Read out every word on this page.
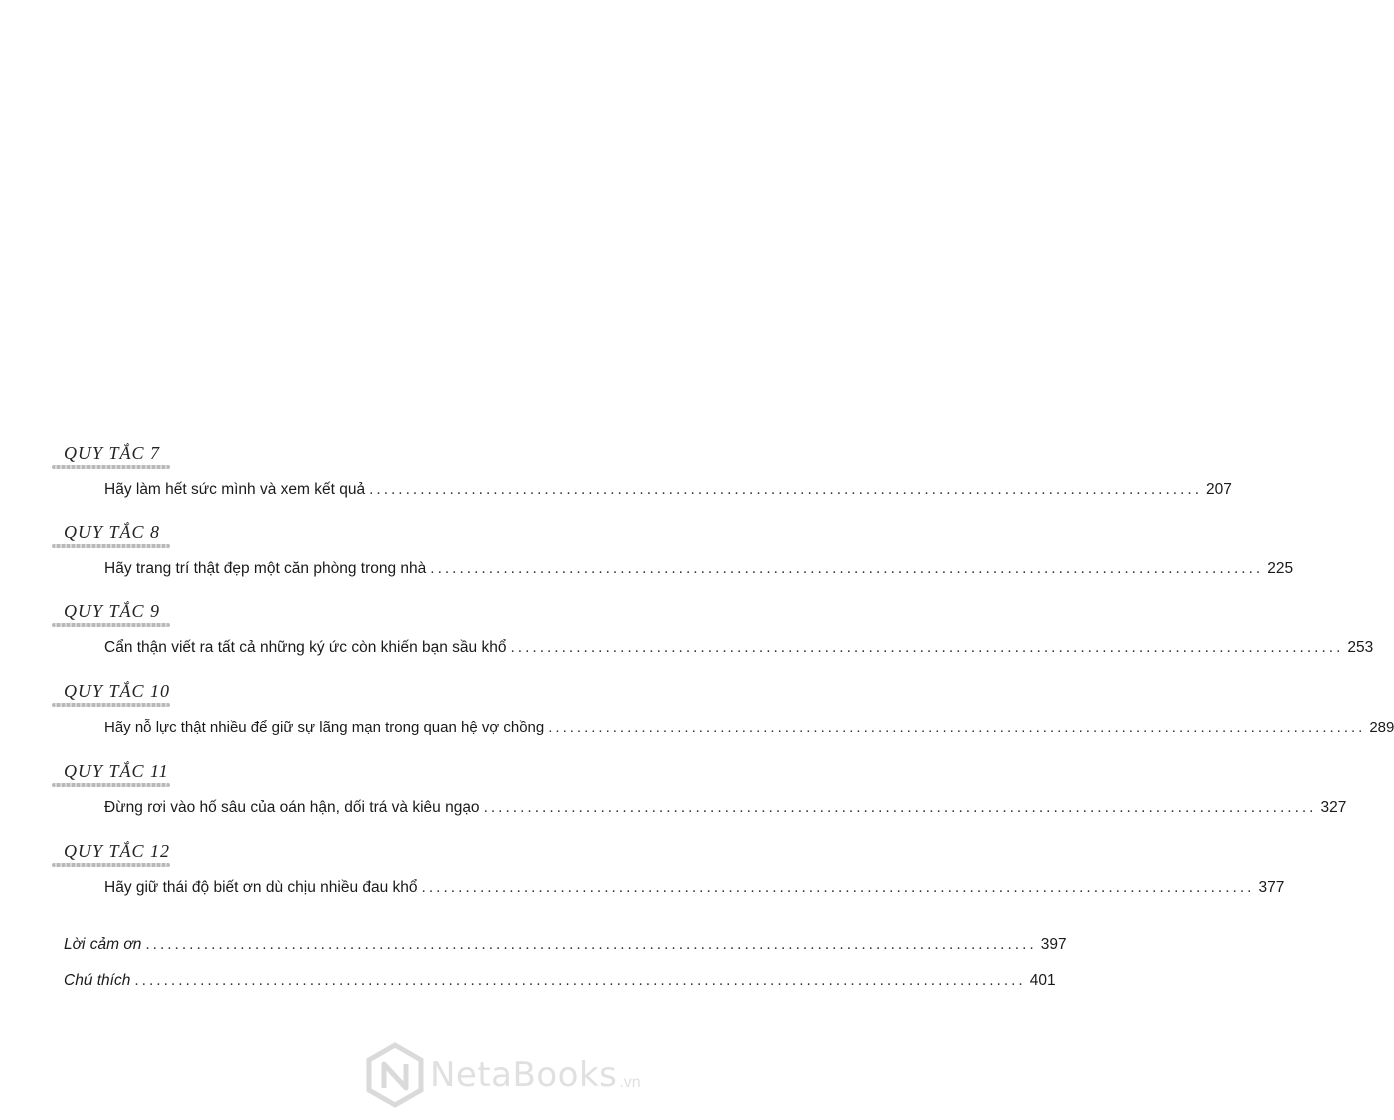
QUY TẮC 7
Hãy làm hết sức mình và xem kết quả .................................................................................................................. 207
QUY TẮC 8
Hãy trang trí thật đẹp một căn phòng trong nhà .................................................................................................................. 225
QUY TẮC 9
Cẩn thận viết ra tất cả những ký ức còn khiến bạn sầu khổ .................................................................................................................. 253
QUY TẮC 10
Hãy nỗ lực thật nhiều để giữ sự lãng mạn trong quan hệ vợ chồng .................................................................................................................. 289
QUY TẮC 11
Đừng rơi vào hố sâu của oán hận, dối trá và kiêu ngạo .................................................................................................................. 327
QUY TẮC 12
Hãy giữ thái độ biết ơn dù chịu nhiều đau khổ .................................................................................................................. 377
Lời cảm ơn .......................................................................................................................... 397
Chú thích .......................................................................................................................... 401
NetaBooks .vn
